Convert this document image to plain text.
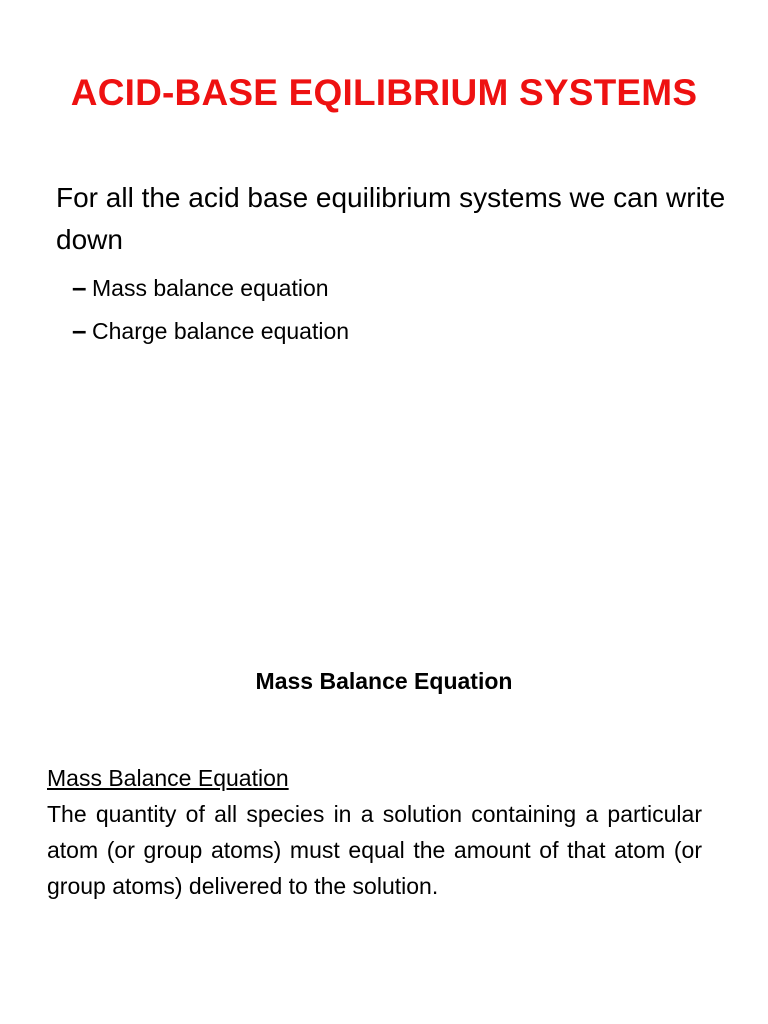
ACID-BASE EQILIBRIUM SYSTEMS

For all the acid base equilibrium systems we can write down

– Mass balance equation
– Charge balance equation
Mass Balance Equation
Mass Balance Equation
The quantity of all species in a solution containing a particular atom (or group atoms) must equal the amount of that atom (or group atoms) delivered to the solution.
